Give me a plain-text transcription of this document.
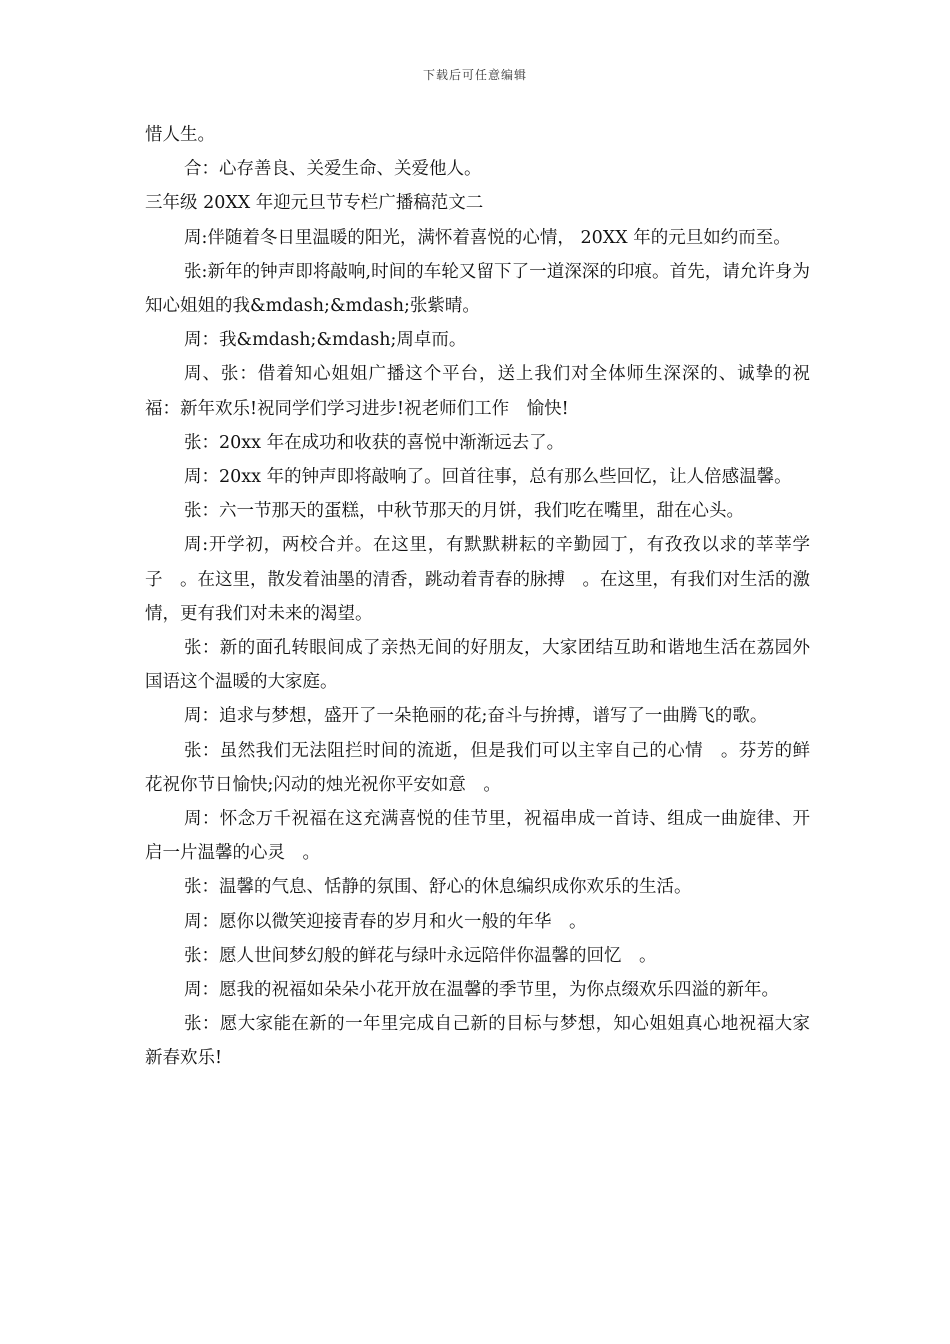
下载后可任意编辑

惜人生。

合：心存善良、关爱生命、关爱他人。

三年级 20XX 年迎元旦节专栏广播稿范文二

周:伴随着冬日里温暖的阳光，满怀着喜悦的心情， 20XX 年的元旦如约而至。

张:新年的钟声即将敲响,时间的车轮又留下了一道深深的印痕。首先，请允许身为知心姐姐的我&mdash;&mdash;张紫晴。

周：我&mdash;&mdash;周卓而。

周、张：借着知心姐姐广播这个平台，送上我们对全体师生深深的、诚挚的祝福：新年欢乐!祝同学们学习进步!祝老师们工作　愉快!

张：20xx 年在成功和收获的喜悦中渐渐远去了。

周：20xx 年的钟声即将敲响了。回首往事，总有那么些回忆，让人倍感温馨。

张：六一节那天的蛋糕，中秋节那天的月饼，我们吃在嘴里，甜在心头。

周:开学初，两校合并。在这里，有默默耕耘的辛勤园丁，有孜孜以求的莘莘学子　。在这里，散发着油墨的清香，跳动着青春的脉搏　。在这里，有我们对生活的激情，更有我们对未来的渴望。

张：新的面孔转眼间成了亲热无间的好朋友，大家团结互助和谐地生活在荔园外国语这个温暖的大家庭。

周：追求与梦想，盛开了一朵艳丽的花;奋斗与拚搏，谱写了一曲腾飞的歌。

张：虽然我们无法阻拦时间的流逝，但是我们可以主宰自己的心情　。芬芳的鲜花祝你节日愉快;闪动的烛光祝你平安如意　。

周：怀念万千祝福在这充满喜悦的佳节里，祝福串成一首诗、组成一曲旋律、开启一片温馨的心灵　。

张：温馨的气息、恬静的氛围、舒心的休息编织成你欢乐的生活。

周：愿你以微笑迎接青春的岁月和火一般的年华　。

张：愿人世间梦幻般的鲜花与绿叶永远陪伴你温馨的回忆　。

周：愿我的祝福如朵朵小花开放在温馨的季节里，为你点缀欢乐四溢的新年。

张：愿大家能在新的一年里完成自己新的目标与梦想，知心姐姐真心地祝福大家新春欢乐!
